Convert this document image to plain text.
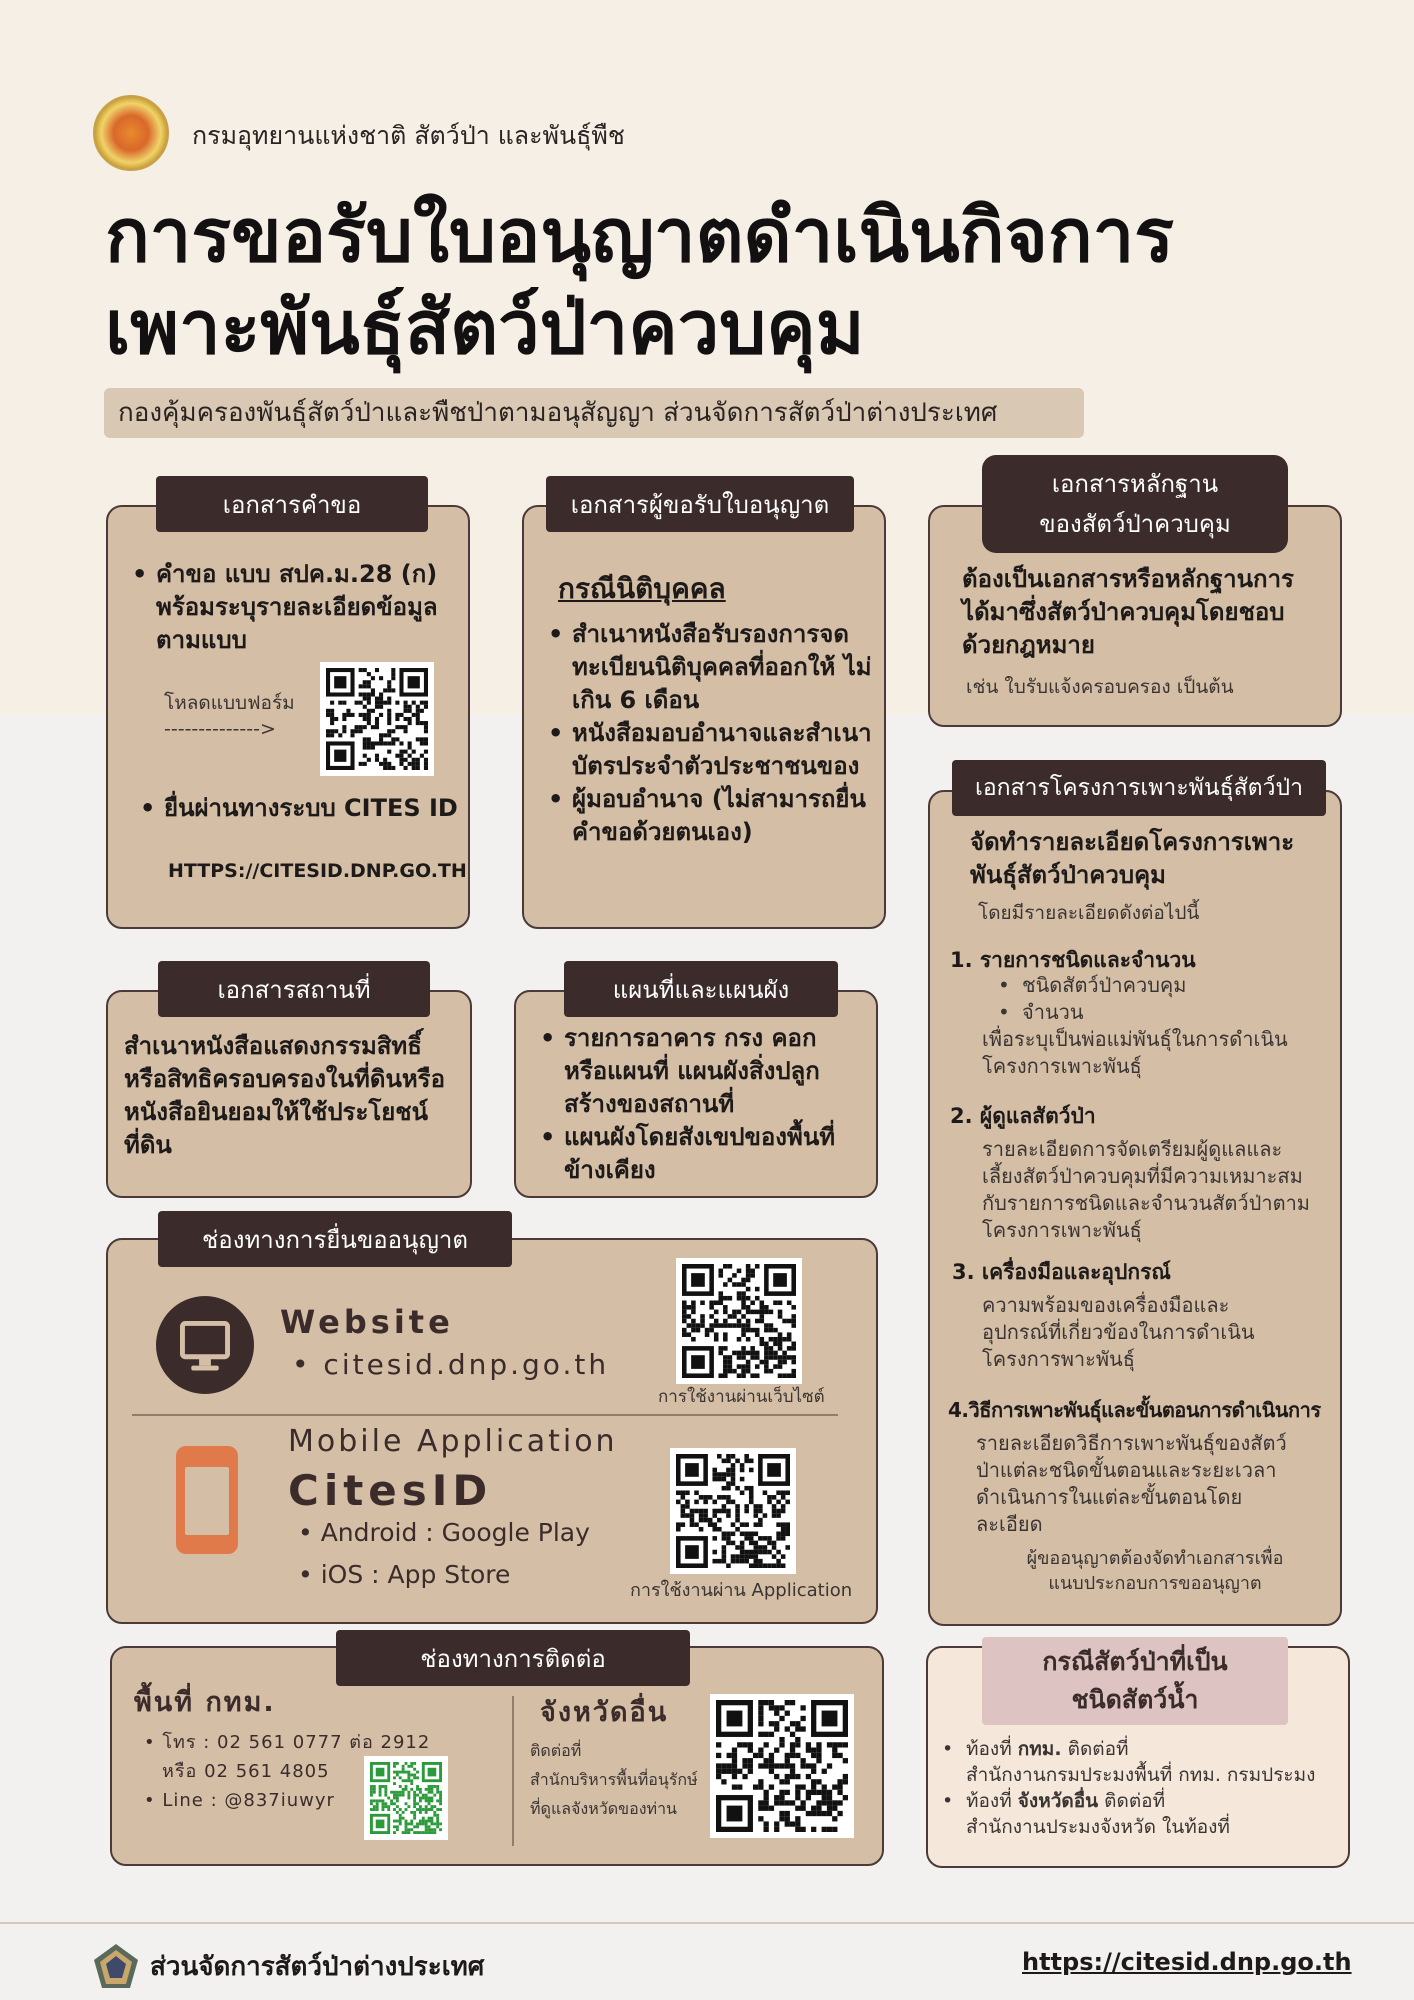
กรมอุทยานแห่งชาติ สัตว์ป่า และพันธุ์พืช
การขอรับใบอนุญาตดำเนินกิจการ
เพาะพันธุ์สัตว์ป่าควบคุม
กองคุ้มครองพันธุ์สัตว์ป่าและพืชป่าตามอนุสัญญา ส่วนจัดการสัตว์ป่าต่างประเทศ
เอกสารคำขอ
• คำขอ แบบ สปค.ม.28 (ก) พร้อมระบุรายละเอียดข้อมูลตามแบบ
โหลดแบบฟอร์ม
-------------->
• ยื่นผ่านทางระบบ CITES ID
HTTPS://CITESID.DNP.GO.TH
เอกสารผู้ขอรับใบอนุญาต
กรณีนิติบุคคล
• สำเนาหนังสือรับรองการจดทะเบียนนิติบุคคลที่ออกให้ ไม่เกิน 6 เดือน
• หนังสือมอบอำนาจและสำเนาบัตรประจำตัวประชาชนของ
• ผู้มอบอำนาจ (ไม่สามารถยื่นคำขอด้วยตนเอง)
เอกสารหลักฐาน
ของสัตว์ป่าควบคุม
ต้องเป็นเอกสารหรือหลักฐานการได้มาซึ่งสัตว์ป่าควบคุมโดยชอบด้วยกฎหมาย
เช่น ใบรับแจ้งครอบครอง เป็นต้น
เอกสารสถานที่
สำเนาหนังสือแสดงกรรมสิทธิ์หรือสิทธิครอบครองในที่ดินหรือหนังสือยินยอมให้ใช้ประโยชน์ที่ดิน
แผนที่และแผนผัง
• รายการอาคาร กรง คอก หรือแผนที่ แผนผังสิ่งปลูกสร้างของสถานที่
• แผนผังโดยสังเขปของพื้นที่ข้างเคียง
เอกสารโครงการเพาะพันธุ์สัตว์ป่า
จัดทำรายละเอียดโครงการเพาะพันธุ์สัตว์ป่าควบคุม
โดยมีรายละเอียดดังต่อไปนี้
1. รายการชนิดและจำนวน
• ชนิดสัตว์ป่าควบคุม
• จำนวน
เพื่อระบุเป็นพ่อแม่พันธุ์ในการดำเนินโครงการเพาะพันธุ์
2. ผู้ดูแลสัตว์ป่า
รายละเอียดการจัดเตรียมผู้ดูแลและเลี้ยงสัตว์ป่าควบคุมที่มีความเหมาะสมกับรายการชนิดและจำนวนสัตว์ป่าตามโครงการเพาะพันธุ์
3. เครื่องมือและอุปกรณ์
ความพร้อมของเครื่องมือและอุปกรณ์ที่เกี่ยวข้องในการดำเนินโครงการพาะพันธุ์
4.วิธีการเพาะพันธุ์และขั้นตอนการดำเนินการ
รายละเอียดวิธีการเพาะพันธุ์ของสัตว์ป่าแต่ละชนิดขั้นตอนและระยะเวลาดำเนินการในแต่ละขั้นตอนโดยละเอียด
ผู้ขออนุญาตต้องจัดทำเอกสารเพื่อแนบประกอบการขออนุญาต
ช่องทางการยื่นขออนุญาต
Website
• citesid.dnp.go.th
การใช้งานผ่านเว็บไซต์
Mobile Application
CitesID
• Android : Google Play
• iOS : App Store
การใช้งานผ่าน Application
ช่องทางการติดต่อ
พื้นที่ กทม.
• โทร : 02 561 0777 ต่อ 2912
หรือ 02 561 4805
• Line : @837iuwyr
จังหวัดอื่น
ติดต่อที่
สำนักบริหารพื้นที่อนุรักษ์
ที่ดูแลจังหวัดของท่าน
กรณีสัตว์ป่าที่เป็น
ชนิดสัตว์น้ำ
• ท้องที่ กทม. ติดต่อที่
สำนักงานกรมประมงพื้นที่ กทม. กรมประมง
• ท้องที่ จังหวัดอื่น ติดต่อที่
สำนักงานประมงจังหวัด ในท้องที่
ส่วนจัดการสัตว์ป่าต่างประเทศ	https://citesid.dnp.go.th
